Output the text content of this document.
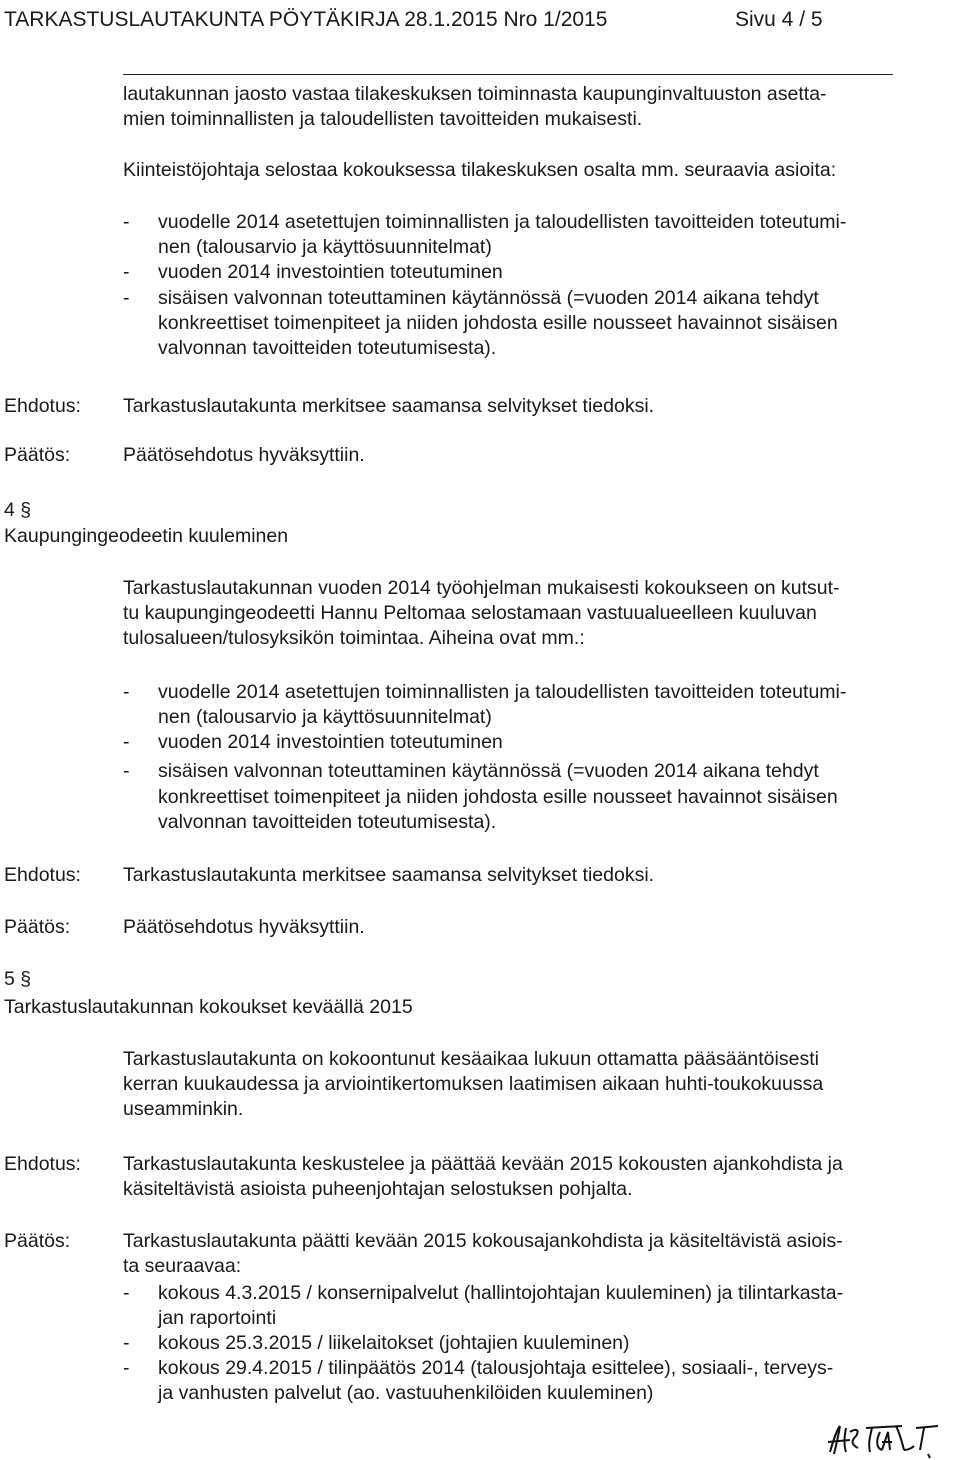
TARKASTUSLAUTAKUNTA PÖYTÄKIRJA 28.1.2015 Nro 1/2015	Sivu 4 / 5
lautakunnan jaosto vastaa tilakeskuksen toiminnasta kaupunginvaltuuston asetta-
mien toiminnallisten ja taloudellisten tavoitteiden mukaisesti.
Kiinteistöjohtaja selostaa kokouksessa tilakeskuksen osalta mm. seuraavia asioita:
- vuodelle 2014 asetettujen toiminnallisten ja taloudellisten tavoitteiden toteutumi-
nen (talousarvio ja käyttösuunnitelmat)
- vuoden 2014 investointien toteutuminen
- sisäisen valvonnan toteuttaminen käytännössä (=vuoden 2014 aikana tehdyt
konkreettiset toimenpiteet ja niiden johdosta esille nousseet havainnot sisäisen
valvonnan tavoitteiden toteutumisesta).
Ehdotus: Tarkastuslautakunta merkitsee saamansa selvitykset tiedoksi.
Päätös:	Päätösehdotus hyväksyttiin.
4 §
Kaupungingeodeetin kuuleminen
Tarkastuslautakunnan vuoden 2014 työohjelman mukaisesti kokoukseen on kutsut-
tu kaupungingeodeetti Hannu Peltomaa selostamaan vastuualueelleen kuuluvan
tulosalueen/tulosyksikön toimintaa. Aiheina ovat mm.:
- vuodelle 2014 asetettujen toiminnallisten ja taloudellisten tavoitteiden toteutumi-
nen (talousarvio ja käyttösuunnitelmat)
- vuoden 2014 investointien toteutuminen
- sisäisen valvonnan toteuttaminen käytännössä (=vuoden 2014 aikana tehdyt
konkreettiset toimenpiteet ja niiden johdosta esille nousseet havainnot sisäisen
valvonnan tavoitteiden toteutumisesta).
Ehdotus: Tarkastuslautakunta merkitsee saamansa selvitykset tiedoksi.
Päätös:	Päätösehdotus hyväksyttiin.
5 §
Tarkastuslautakunnan kokoukset keväällä 2015
Tarkastuslautakunta on kokoontunut kesäaikaa lukuun ottamatta pääsääntöisesti
kerran kuukaudessa ja arviointikertomuksen laatimisen aikaan huhti-toukokuussa
useamminkin.
Ehdotus: Tarkastuslautakunta keskustelee ja päättää kevään 2015 kokousten ajankohdista ja
käsiteltävistä asioista puheenjohtajan selostuksen pohjalta.
Päätös:	Tarkastuslautakunta päätti kevään 2015 kokousajankohdista ja käsiteltävistä asiois-
ta seuraavaa:
- kokous 4.3.2015 / konsernipalvelut (hallintojohtajan kuuleminen) ja tilintarkasta-
jan raportointi
- kokous 25.3.2015 / liikelaitokset (johtajien kuuleminen)
- kokous 29.4.2015 / tilinpäätös 2014 (talousjohtaja esittelee), sosiaali-, terveys-
ja vanhusten palvelut (ao. vastuuhenkilöiden kuuleminen)
